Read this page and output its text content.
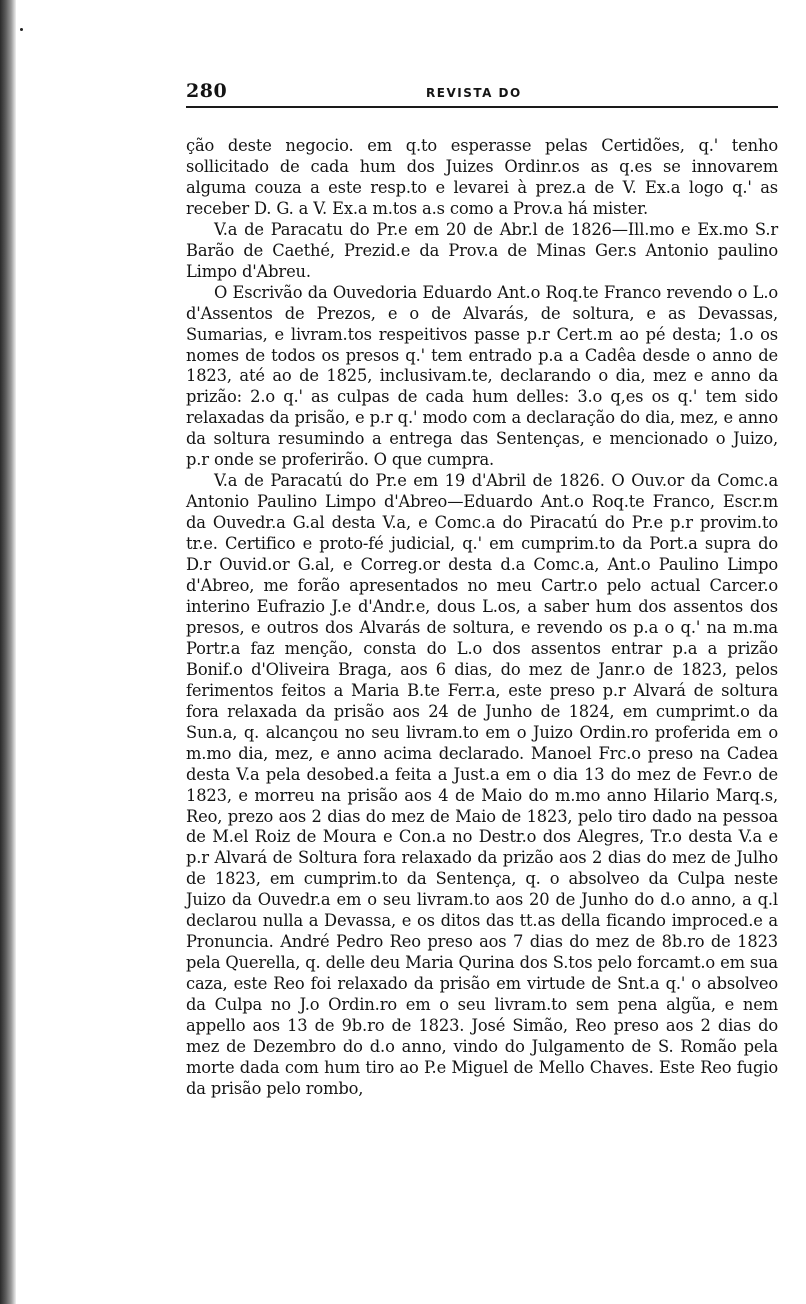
280	REVISTA DO

ção deste negocio. em q.to esperasse pelas Certidões, q.' tenho sollicitado de cada hum dos Juizes Ordinr.os as q.es se innovarem alguma couza a este resp.to e levarei à prez.a de V. Ex.a logo q.' as receber D. G. a V. Ex.a m.tos a.s como a Prov.a há mister.

V.a de Paracatu do Pr.e em 20 de Abr.l de 1826—Ill.mo e Ex.mo S.r Barão de Caethé, Prezid.e da Prov.a de Minas Ger.s Antonio paulino Limpo d'Abreu.

O Escrivão da Ouvedoria Eduardo Ant.o Roq.te Franco revendo o L.o d'Assentos de Prezos, e o de Alvarás, de soltura, e as Devassas, Sumarias, e livram.tos respeitivos passe p.r Cert.m ao pé desta; 1.o os nomes de todos os presos q.' tem entrado p.a a Cadêa desde o anno de 1823, até ao de 1825, inclusivam.te, declarando o dia, mez e anno da prizão: 2.o q.' as culpas de cada hum delles: 3.o q,es os q.' tem sido relaxadas da prisão, e p.r q.' modo com a declaração do dia, mez, e anno da soltura resumindo a entrega das Sentenças, e mencionado o Juizo, p.r onde se proferirão. O que cumpra.

V.a de Paracatú do Pr.e em 19 d'Abril de 1826. O Ouv.or da Comc.a Antonio Paulino Limpo d'Abreo—Eduardo Ant.o Roq.te Franco, Escr.m da Ouvedr.a G.al desta V.a, e Comc.a do Piracatú do Pr.e p.r provim.to tr.e. Certifico e proto-fé judicial, q.' em cumprim.to da Port.a supra do D.r Ouvid.or G.al, e Correg.or desta d.a Comc.a, Ant.o Paulino Limpo d'Abreo, me forão apresentados no meu Cartr.o pelo actual Carcer.o interino Eufrazio J.e d'Andr.e, dous L.os, a saber hum dos assentos dos presos, e outros dos Alvarás de soltura, e revendo os p.a o q.' na m.ma Portr.a faz menção, consta do L.o dos assentos entrar p.a a prizão Bonif.o d'Oliveira Braga, aos 6 dias, do mez de Janr.o de 1823, pelos ferimentos feitos a Maria B.te Ferr.a, este preso p.r Alvará de soltura fora relaxada da prisão aos 24 de Junho de 1824, em cumprimt.o da Sun.a, q. alcançou no seu livram.to em o Juizo Ordin.ro proferida em o m.mo dia, mez, e anno acima declarado. Manoel Frc.o preso na Cadea desta V.a pela desobed.a feita a Just.a em o dia 13 do mez de Fevr.o de 1823, e morreu na prisão aos 4 de Maio do m.mo anno Hilario Marq.s, Reo, prezo aos 2 dias do mez de Maio de 1823, pelo tiro dado na pessoa de M.el Roiz de Moura e Con.a no Destr.o dos Alegres, Tr.o desta V.a e p.r Alvará de Soltura fora relaxado da prizão aos 2 dias do mez de Julho de 1823, em cumprim.to da Sentença, q. o absolveo da Culpa neste Juizo da Ouvedr.a em o seu livram.to aos 20 de Junho do d.o anno, a q.l declarou nulla a Devassa, e os ditos das tt.as della ficando improced.e a Pronuncia. André Pedro Reo preso aos 7 dias do mez de 8b.ro de 1823 pela Querella, q. delle deu Maria Qurina dos S.tos pelo forcamt.o em sua caza, este Reo foi relaxado da prisão em virtude de Snt.a q.' o absolveo da Culpa no J.o Ordin.ro em o seu livram.to sem pena algũa, e nem appello aos 13 de 9b.ro de 1823. José Simão, Reo preso aos 2 dias do mez de Dezembro do d.o anno, vindo do Julgamento de S. Romão pela morte dada com hum tiro ao P.e Miguel de Mello Chaves. Este Reo fugio da prisão pelo rombo,
